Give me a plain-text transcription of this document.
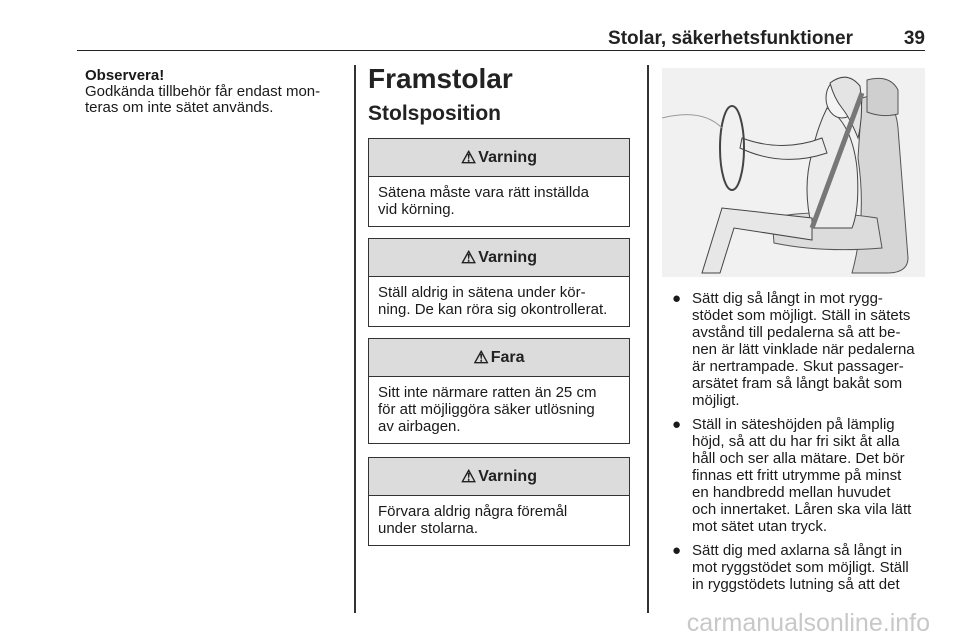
Stolar, säkerhetsfunktioner	39
Observera!
Godkända tillbehör får endast mon-
teras om inte sätet används.
Framstolar
Stolsposition
⚠ Varning
Sätena måste vara rätt inställda
vid körning.
⚠ Varning
Ställ aldrig in sätena under kör-
ning. De kan röra sig okontrollerat.
⚠ Fara
Sitt inte närmare ratten än 25 cm
för att möjliggöra säker utlösning
av airbagen.
⚠ Varning
Förvara aldrig några föremål
under stolarna.
● Sätt dig så långt in mot rygg-
stödet som möjligt. Ställ in sätets
avstånd till pedalerna så att be-
nen är lätt vinklade när pedalerna
är nertrampade. Skut passager-
arsätet fram så långt bakåt som
möjligt.
● Ställ in säteshöjden på lämplig
höjd, så att du har fri sikt åt alla
håll och ser alla mätare. Det bör
finnas ett fritt utrymme på minst
en handbredd mellan huvudet
och innertaket. Låren ska vila lätt
mot sätet utan tryck.
● Sätt dig med axlarna så långt in
mot ryggstödet som möjligt. Ställ
in ryggstödets lutning så att det
carmanualsonline.info
